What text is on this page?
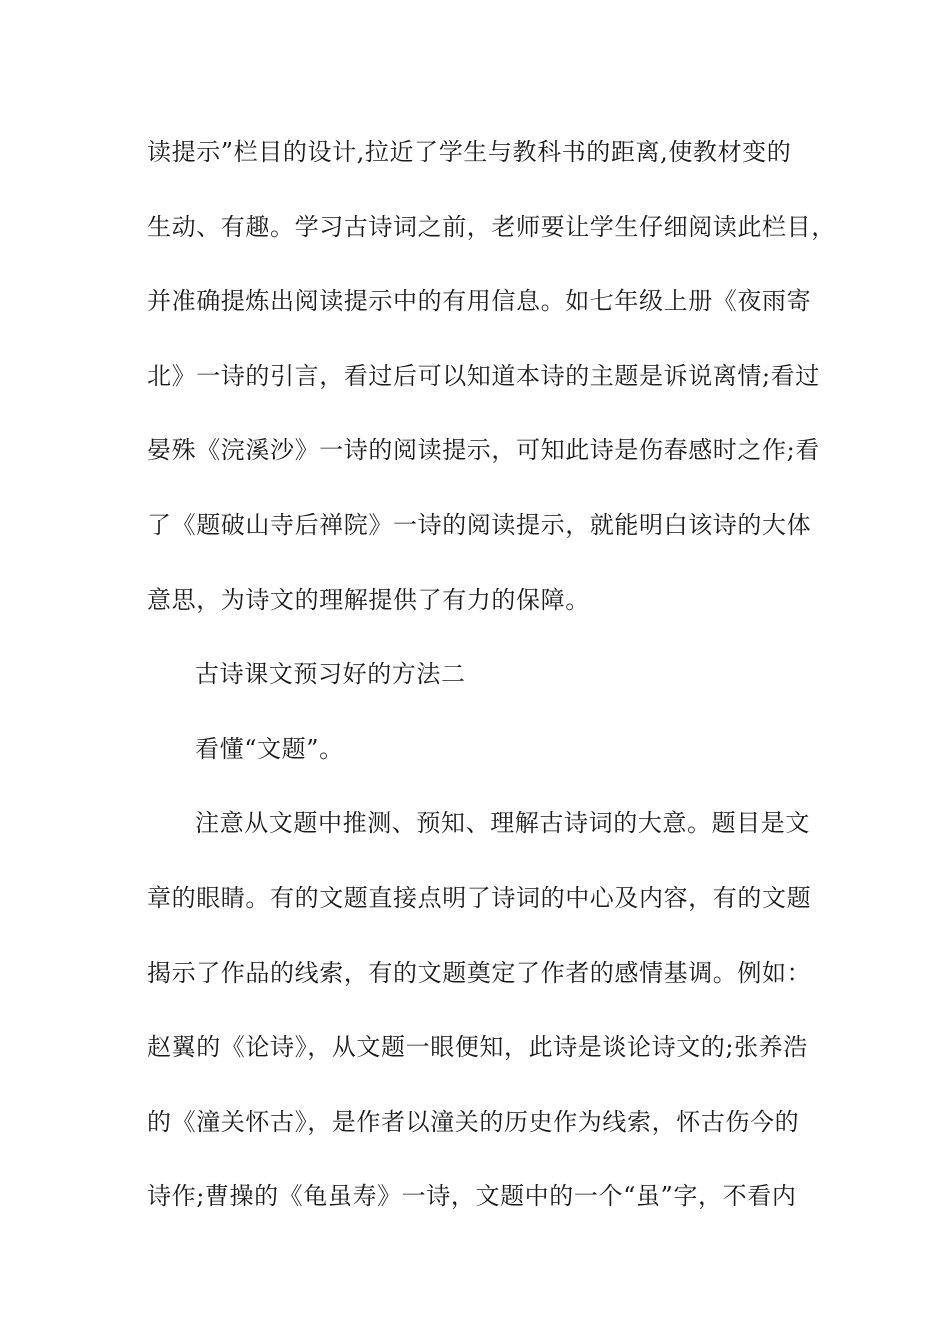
读提示”栏目的设计,拉近了学生与教科书的距离,使教材变的
生动、有趣。学习古诗词之前，老师要让学生仔细阅读此栏目，
并准确提炼出阅读提示中的有用信息。如七年级上册《夜雨寄
北》一诗的引言，看过后可以知道本诗的主题是诉说离情;看过
晏殊《浣溪沙》一诗的阅读提示，可知此诗是伤春感时之作;看
了《题破山寺后禅院》一诗的阅读提示，就能明白该诗的大体
意思，为诗文的理解提供了有力的保障。
古诗课文预习好的方法二
看懂“文题”。
注意从文题中推测、预知、理解古诗词的大意。题目是文
章的眼睛。有的文题直接点明了诗词的中心及内容，有的文题
揭示了作品的线索，有的文题奠定了作者的感情基调。例如：
赵翼的《论诗》，从文题一眼便知，此诗是谈论诗文的;张养浩
的《潼关怀古》，是作者以潼关的历史作为线索，怀古伤今的
诗作;曹操的《龟虽寿》一诗，文题中的一个“虽”字，不看内
